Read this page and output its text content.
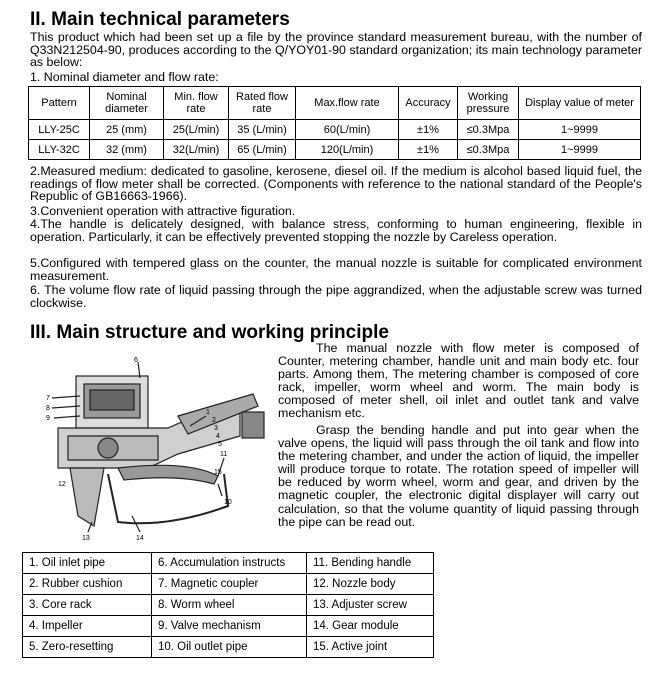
II. Main technical parameters
This product which had been set up a file by the province standard measurement bureau, with the number of Q33N212504-90, produces according to the Q/YOY01-90 standard organization; its main technology parameter as below:
1. Nominal diameter and flow rate:
Pattern	Nominal diameter	Min. flow rate	Rated flow rate	Max.flow rate	Accuracy	Working pressure	Display value of meter
LLY-25C	25 (mm)	25(L/min)	35 (L/min)	60(L/min)	±1%	≤0.3Mpa	1~9999
LLY-32C	32 (mm)	32(L/min)	65 (L/min)	120(L/min)	±1%	≤0.3Mpa	1~9999
2.Measured medium: dedicated to gasoline, kerosene, diesel oil. If the medium is alcohol based liquid fuel, the readings of flow meter shall be corrected. (Components with reference to the national standard of the People's Republic of GB16663-1966).
3.Convenient operation with attractive figuration.
4.The handle is delicately designed, with balance stress, conforming to human engineering, flexible in operation. Particularly, it can be effectively prevented stopping the nozzle by Careless operation.
5.Configured with tempered glass on the counter, the manual nozzle is suitable for complicated environment measurement.
6. The volume flow rate of liquid passing through the pipe aggrandized, when the adjustable screw was turned clockwise.
III. Main structure and working principle
7
8
9
6
1
2
3
4
5
11
15
10
12
13	14
The manual nozzle with flow meter is composed of Counter, metering chamber, handle unit and main body etc. four parts. Among them, The metering chamber is composed of core rack, impeller, worm wheel and worm. The main body is composed of meter shell, oil inlet and outlet tank and valve mechanism etc.
Grasp the bending handle and put into gear when the valve opens, the liquid will pass through the oil tank and flow into the metering chamber, and under the action of liquid, the impeller will produce torque to rotate. The rotation speed of impeller will be reduced by worm wheel, worm and gear, and driven by the magnetic coupler, the electronic digital displayer will carry out calculation, so that the volume quantity of liquid passing through the pipe can be read out.
1. Oil inlet pipe	6. Accumulation instructs	11. Bending handle
2. Rubber cushion	7. Magnetic coupler	12. Nozzle body
3. Core rack	8. Worm wheel	13. Adjuster screw
4. Impeller	9. Valve mechanism	14. Gear module
5. Zero-resetting	10. Oil outlet pipe	15. Active joint
